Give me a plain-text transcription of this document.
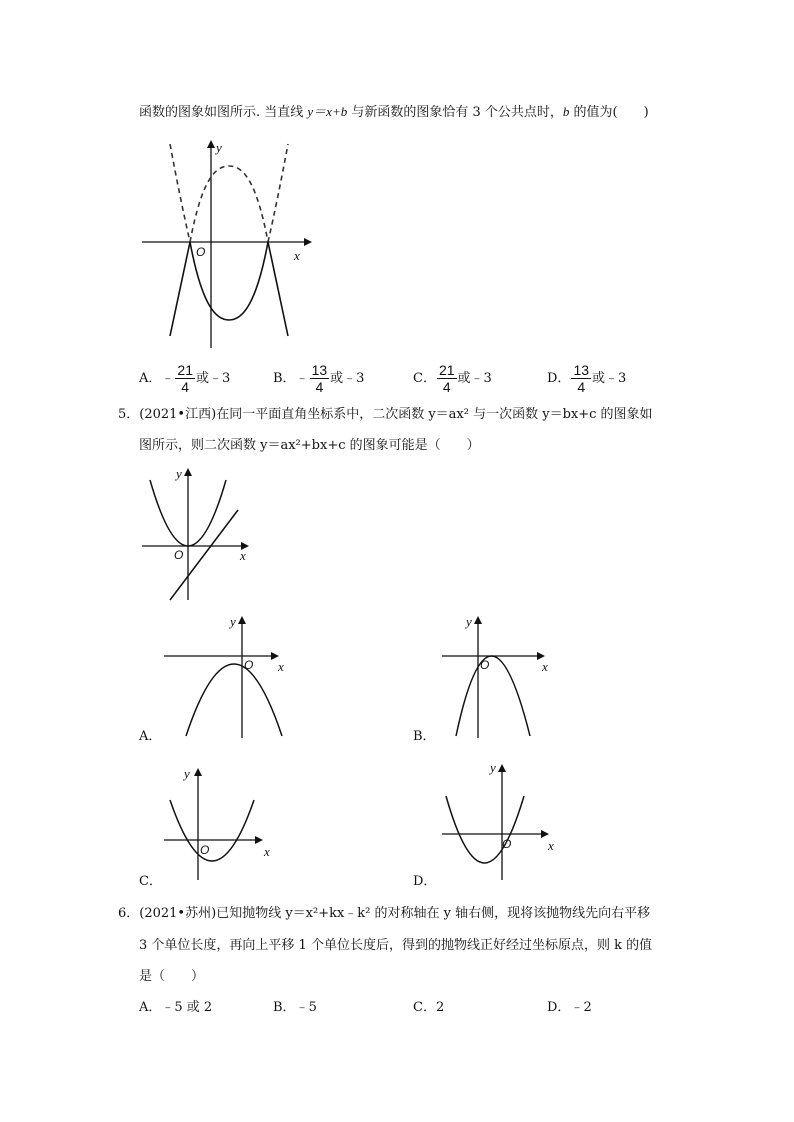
函数的图象如图所示. 当直线 y＝x+b 与新函数的图象恰有 3 个公共点时，b 的值为(　　)
O	x
y
A．﹣ $\frac{21}{4}$ 或﹣3	B．﹣ $\frac{13}{4}$ 或﹣3	C． $\frac{21}{4}$ 或﹣3	D． $\frac{13}{4}$ 或﹣3
5．(2021•江西)在同一平面直角坐标系中，二次函数 y＝ax² 与一次函数 y＝bx+c 的图象如
图所示，则二次函数 y＝ax²+bx+c 的图象可能是（　　）
O	x
y
O x
y
A．
O	x
y
B．
O	x
y
C．
O	x
y
D．
6．(2021•苏州)已知抛物线 y＝x²+kx﹣k² 的对称轴在 y 轴右侧，现将该抛物线先向右平移
3 个单位长度，再向上平移 1 个单位长度后，得到的抛物线正好经过坐标原点，则 k 的值
是（　　）
A．﹣5 或 2	B．﹣5	C．2	D．﹣2
